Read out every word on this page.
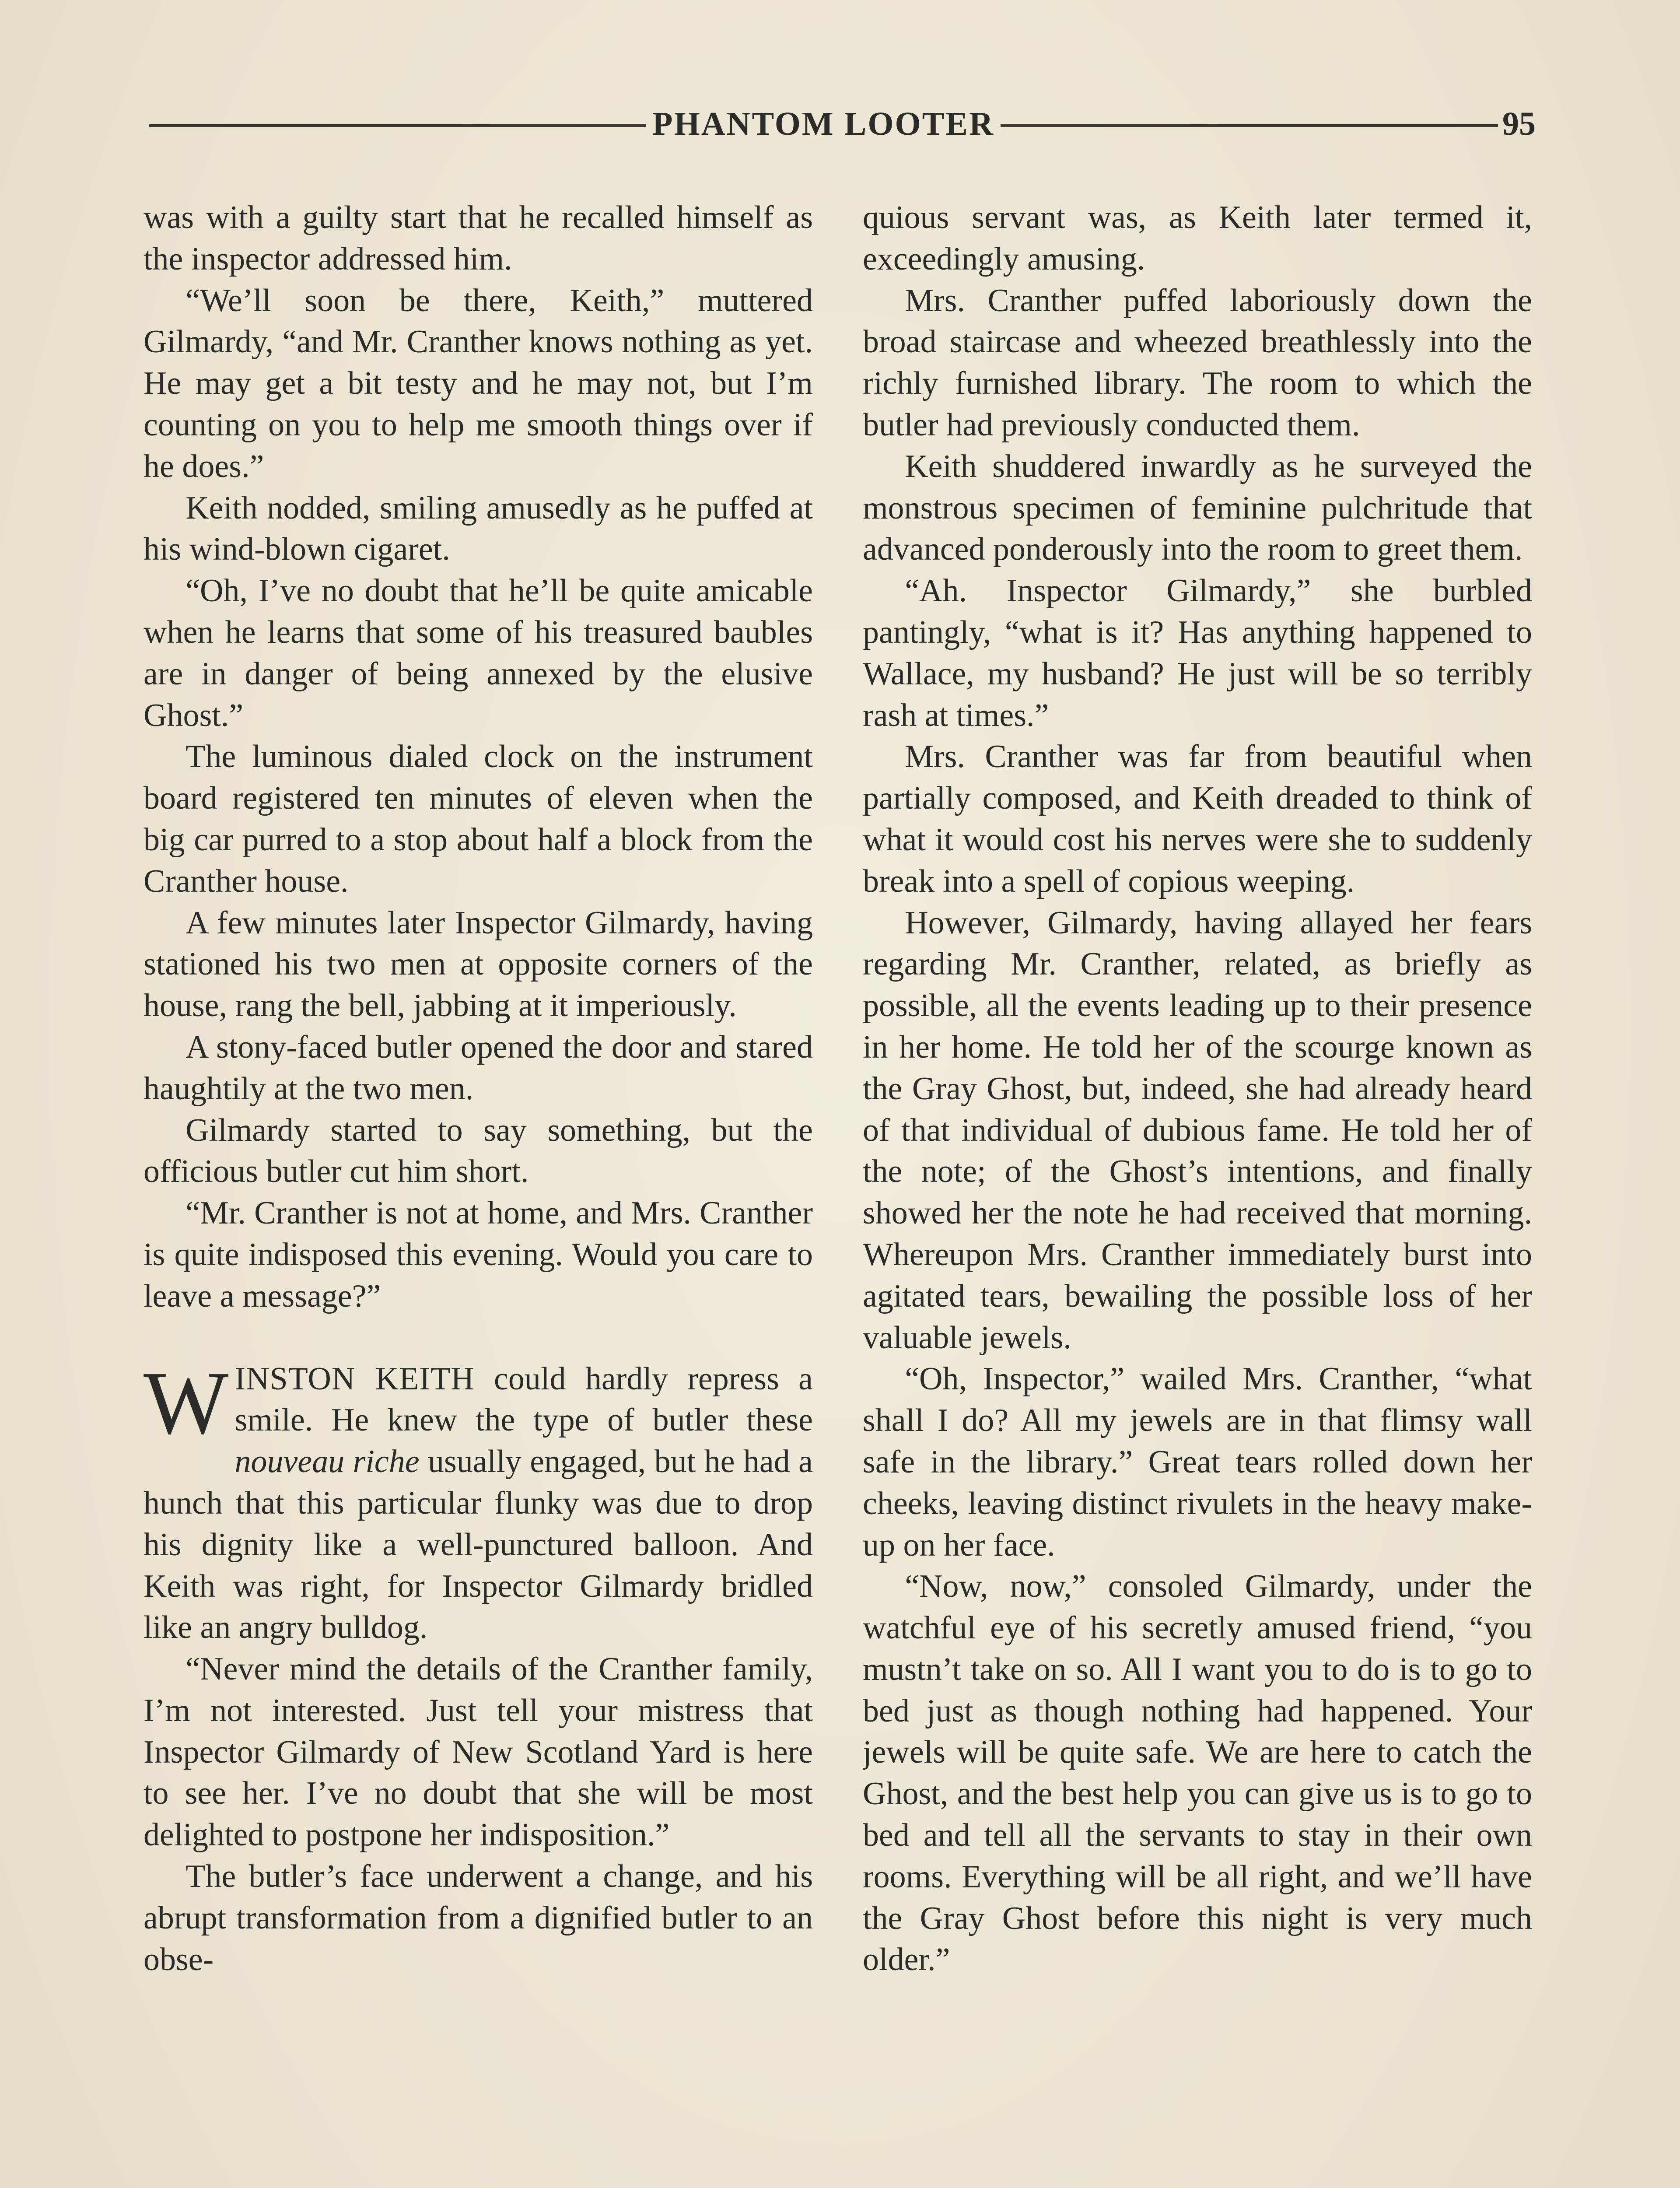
PHANTOM LOOTER	95

was with a guilty start that he recalled himself as the inspector addressed him.

“We’ll soon be there, Keith,” muttered Gilmardy, “and Mr. Cranther knows nothing as yet. He may get a bit testy and he may not, but I’m counting on you to help me smooth things over if he does.”

Keith nodded, smiling amusedly as he puffed at his wind-blown cigaret.

“Oh, I’ve no doubt that he’ll be quite amicable when he learns that some of his treasured baubles are in danger of being annexed by the elusive Ghost.”

The luminous dialed clock on the instrument board registered ten minutes of eleven when the big car purred to a stop about half a block from the Cranther house.

A few minutes later Inspector Gilmardy, having stationed his two men at opposite corners of the house, rang the bell, jabbing at it imperiously.

A stony-faced butler opened the door and stared haughtily at the two men.

Gilmardy started to say something, but the officious butler cut him short.

“Mr. Cranther is not at home, and Mrs. Cranther is quite indisposed this evening. Would you care to leave a message?”

WINSTON KEITH could hardly repress a smile. He knew the type of butler these nouveau riche usually engaged, but he had a hunch that this particular flunky was due to drop his dignity like a well-punctured balloon. And Keith was right, for Inspector Gilmardy bridled like an angry bulldog.

“Never mind the details of the Cranther family, I’m not interested. Just tell your mistress that Inspector Gilmardy of New Scotland Yard is here to see her. I’ve no doubt that she will be most delighted to postpone her indisposition.”

The butler’s face underwent a change, and his abrupt transformation from a dignified butler to an obse-

quious servant was, as Keith later termed it, exceedingly amusing.

Mrs. Cranther puffed laboriously down the broad staircase and wheezed breathlessly into the richly furnished library. The room to which the butler had previously conducted them.

Keith shuddered inwardly as he surveyed the monstrous specimen of feminine pulchritude that advanced ponderously into the room to greet them.

“Ah. Inspector Gilmardy,” she burbled pantingly, “what is it? Has anything happened to Wallace, my husband? He just will be so terribly rash at times.”

Mrs. Cranther was far from beautiful when partially composed, and Keith dreaded to think of what it would cost his nerves were she to suddenly break into a spell of copious weeping.

However, Gilmardy, having allayed her fears regarding Mr. Cranther, related, as briefly as possible, all the events leading up to their presence in her home. He told her of the scourge known as the Gray Ghost, but, indeed, she had already heard of that individual of dubious fame. He told her of the note; of the Ghost’s intentions, and finally showed her the note he had received that morning. Whereupon Mrs. Cranther immediately burst into agitated tears, bewailing the possible loss of her valuable jewels.

“Oh, Inspector,” wailed Mrs. Cranther, “what shall I do? All my jewels are in that flimsy wall safe in the library.” Great tears rolled down her cheeks, leaving distinct rivulets in the heavy make-up on her face.

“Now, now,” consoled Gilmardy, under the watchful eye of his secretly amused friend, “you mustn’t take on so. All I want you to do is to go to bed just as though nothing had happened. Your jewels will be quite safe. We are here to catch the Ghost, and the best help you can give us is to go to bed and tell all the servants to stay in their own rooms. Everything will be all right, and we’ll have the Gray Ghost before this night is very much older.”
